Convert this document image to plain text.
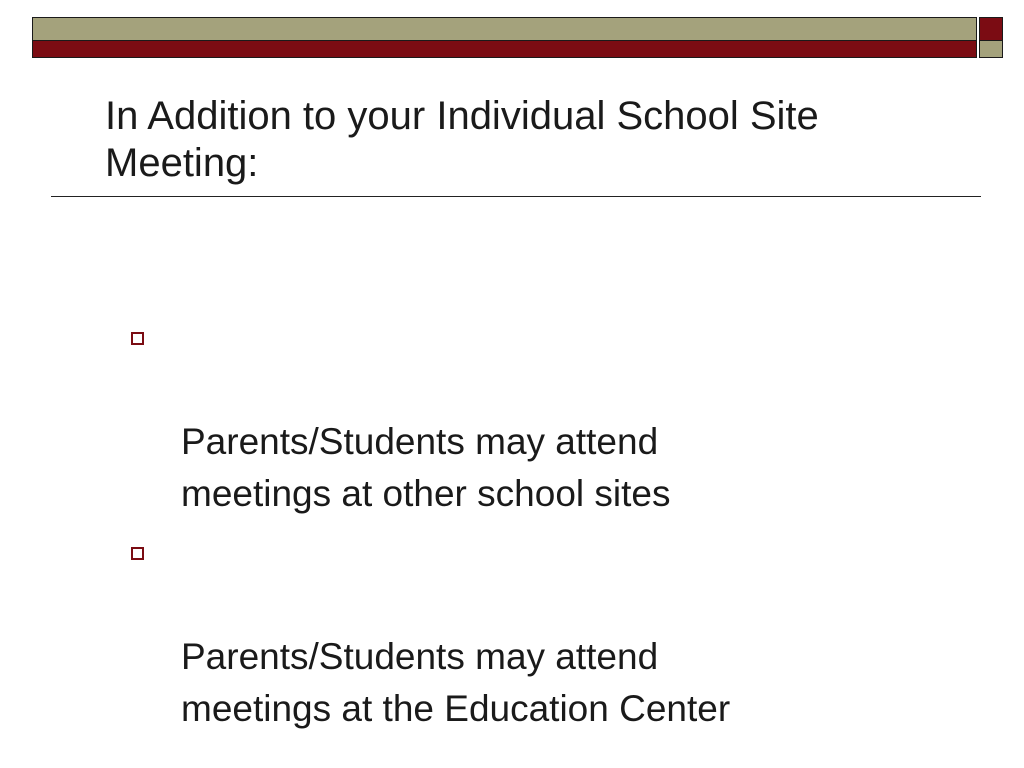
In Addition to your Individual School Site
Meeting:

Parents/Students may attend
meetings at other school sites

Parents/Students may attend
meetings at the Education Center
